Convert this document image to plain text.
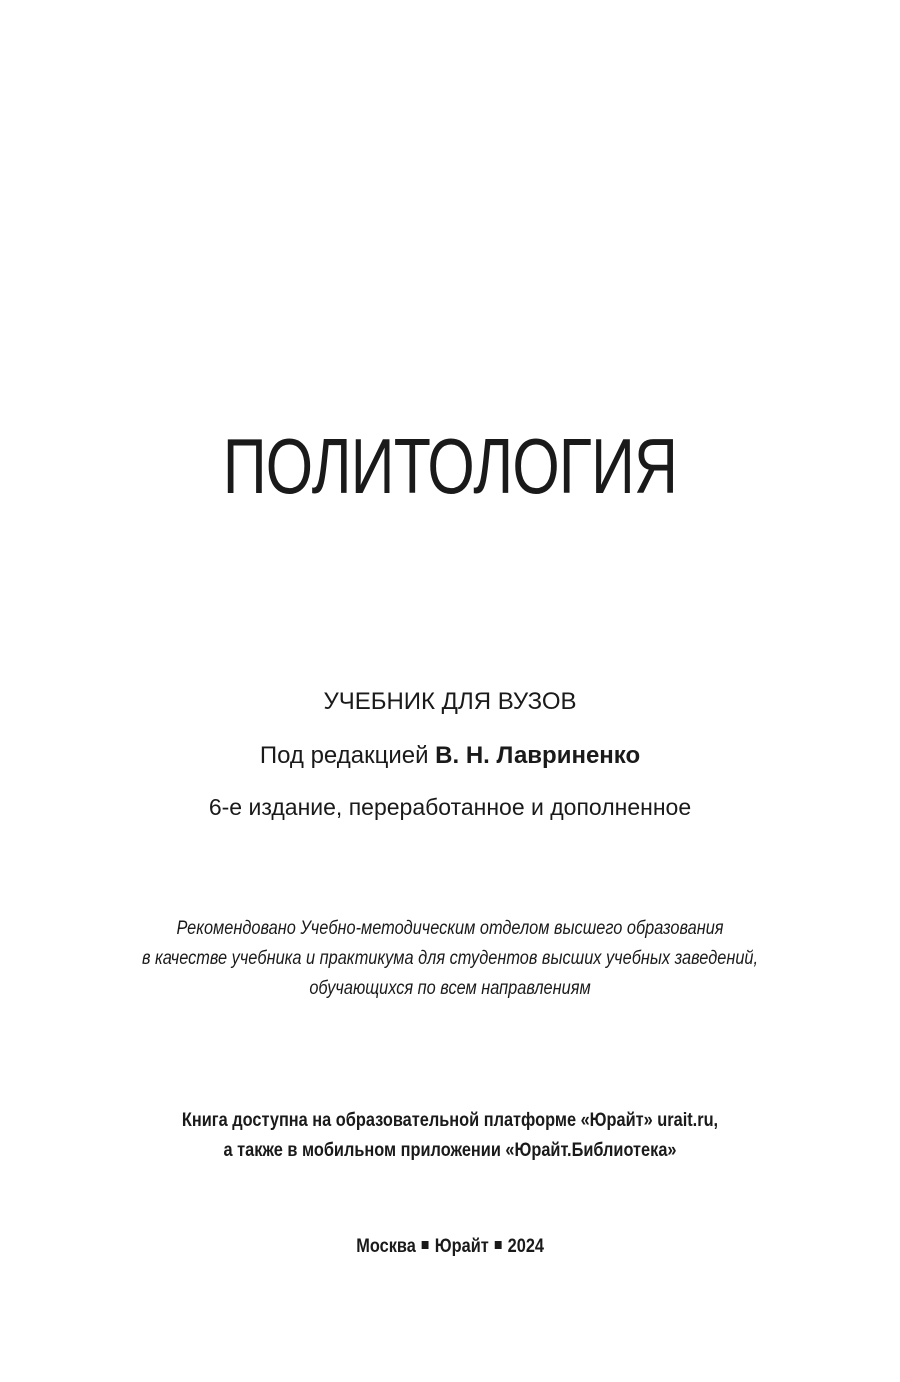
ПОЛИТОЛОГИЯ
УЧЕБНИК ДЛЯ ВУЗОВ
Под редакцией В. Н. Лавриненко
6-е издание, переработанное и дополненное
Рекомендовано Учебно-методическим отделом высшего образования
в качестве учебника и практикума для студентов высших учебных заведений,
обучающихся по всем направлениям
Книга доступна на образовательной платформе «Юрайт» urait.ru,
а также в мобильном приложении «Юрайт.Библиотека»
Москва Юрайт 2024
